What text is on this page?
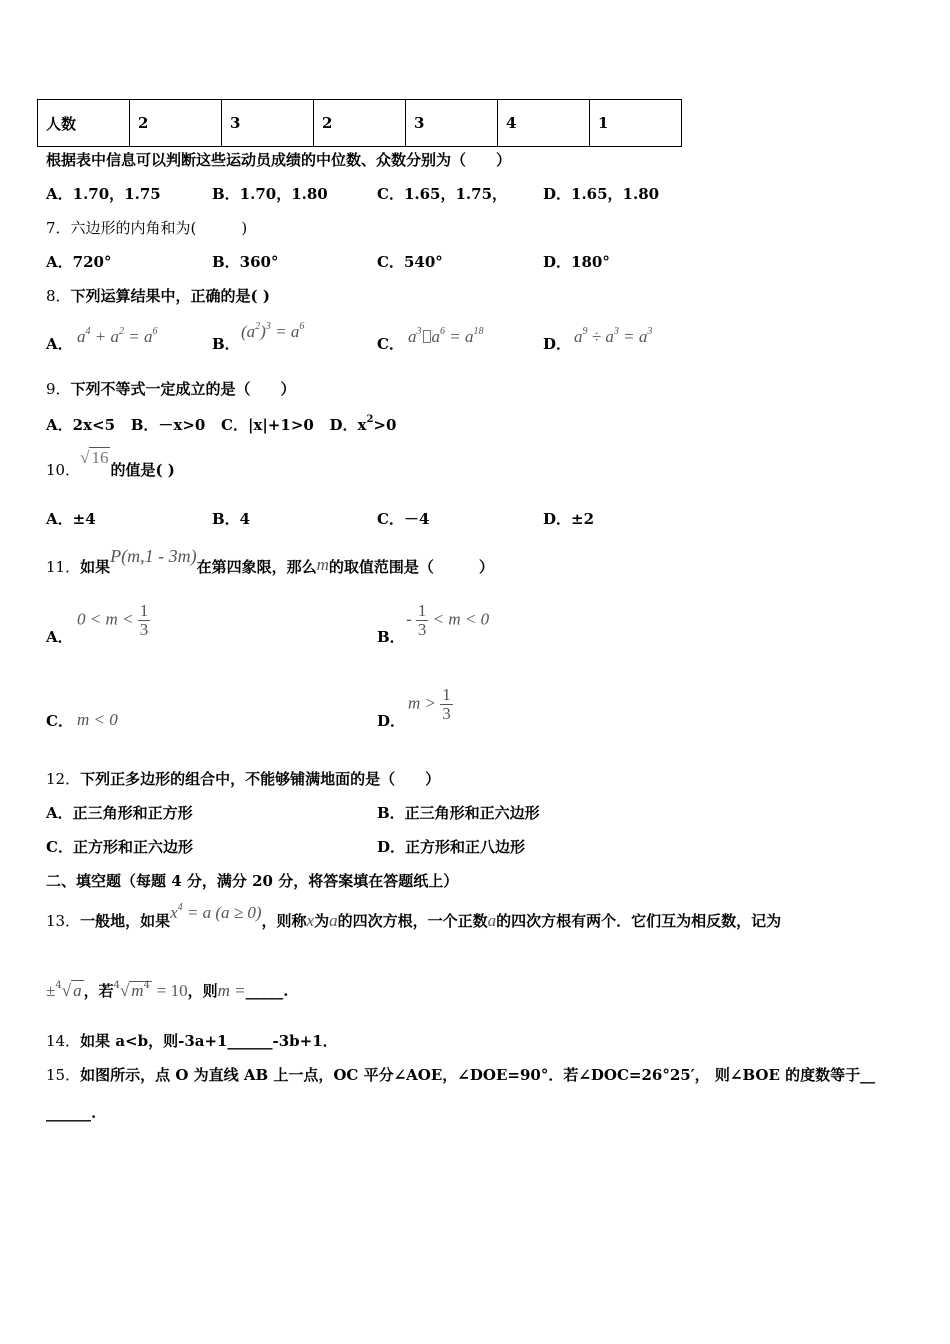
人数	2	3	2	3	4	1
根据表中信息可以判断这些运动员成绩的中位数、众数分别为（　　）
A．1.70，1.75	B．1.70，1.80	C．1.65，1.75， D．1.65，1.80
7．六边形的内角和为(　　　)
A．720°	B．360°	C．540°	D．180°
8．下列运算结果中，正确的是( )
A． $a^4 + a^2 = a^6$
B．
$(a^2)^3 = a^6$
C． $a^3$ $a^6 = a^{18}$
D． $a^9 \div a^3 = a^3$
9．下列不等式一定成立的是（　　）
A．2x<5 B．－x>0 C．|x|+1>0 D．$x^2>0$
10．√ 16的值是( )
A．±4	B．4	C．－4	D．±2
11．如果P(m,1 - 3m)在第四象限，那么m的取值范围是（　　　）
A．
$0 < m < \frac{1}{3}$	B．
- $\frac{1}{3} < m < 0$
C． m < 0	D．
$m > \frac{1}{3}$
12．下列正多边形的组合中，不能够铺满地面的是（　　）
A．正三角形和正方形	B．正三角形和正六边形
C．正方形和正六边形	D．正方形和正八边形
二、填空题（每题 4 分，满分 20 分，将答案填在答题纸上）
13．一般地，如果$x^4 = a$ (a ≥ 0)，则称x为a的四次方根，一个正数a的四次方根有两个．它们互为相反数，记为
±$^4$√ a ，若$^4$√ $m^4 = 10$，则m =_____.
14．如果 a<b，则-3a+1______-3b+1．
15．如图所示，点 O 为直线 AB 上一点，OC 平分∠AOE，∠DOE=90°．若∠DOC=26°25′， 则∠BOE 的度数等于__
______.
